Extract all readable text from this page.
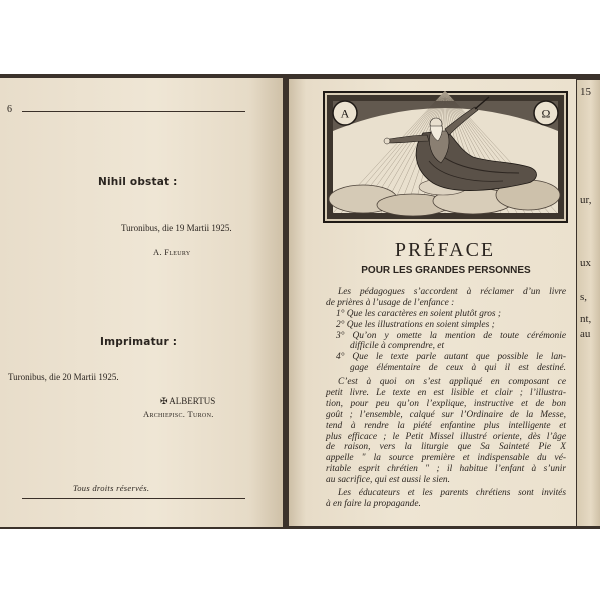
6
Nihil obstat :
Turonibus, die 19 Martii 1925.
A. Fleury
Imprimatur :
Turonibus, die 20 Martii 1925.
✠ ALBERTUS
Archiepisc. Turon.
Tous droits réservés.
A	Ω
PRÉFACE
POUR LES GRANDES PERSONNES
Les pédagogues s’accordent à réclamer d’un livre
de prières à l’usage de l’enfance :
1° Que les caractères en soient plutôt gros ;
2° Que les illustrations en soient simples ;
3° Qu’on y omette la mention de toute cérémonie
difficile à comprendre, et
4° Que le texte parle autant que possible le lan-
gage élémentaire de ceux à qui il est destiné.
C’est à quoi on s’est appliqué en composant ce
petit livre. Le texte en est lisible et clair ; l’illustra-
tion, pour peu qu’on l’explique, instructive et de bon
goût ; l’ensemble, calqué sur l’Ordinaire de la Messe,
tend à rendre la piété enfantine plus intelligente et
plus efficace ; le Petit Missel illustré oriente, dès l’âge
de raison, vers la liturgie que Sa Sainteté Pie X
appelle " la source première et indispensable du vé-
ritable esprit chrétien " ; il habitue l’enfant à s’unir
au sacrifice, qui est aussi le sien.
Les éducateurs et les parents chrétiens sont invités
à en faire la propagande.
15
ur,
ux
s,
nt,
au
